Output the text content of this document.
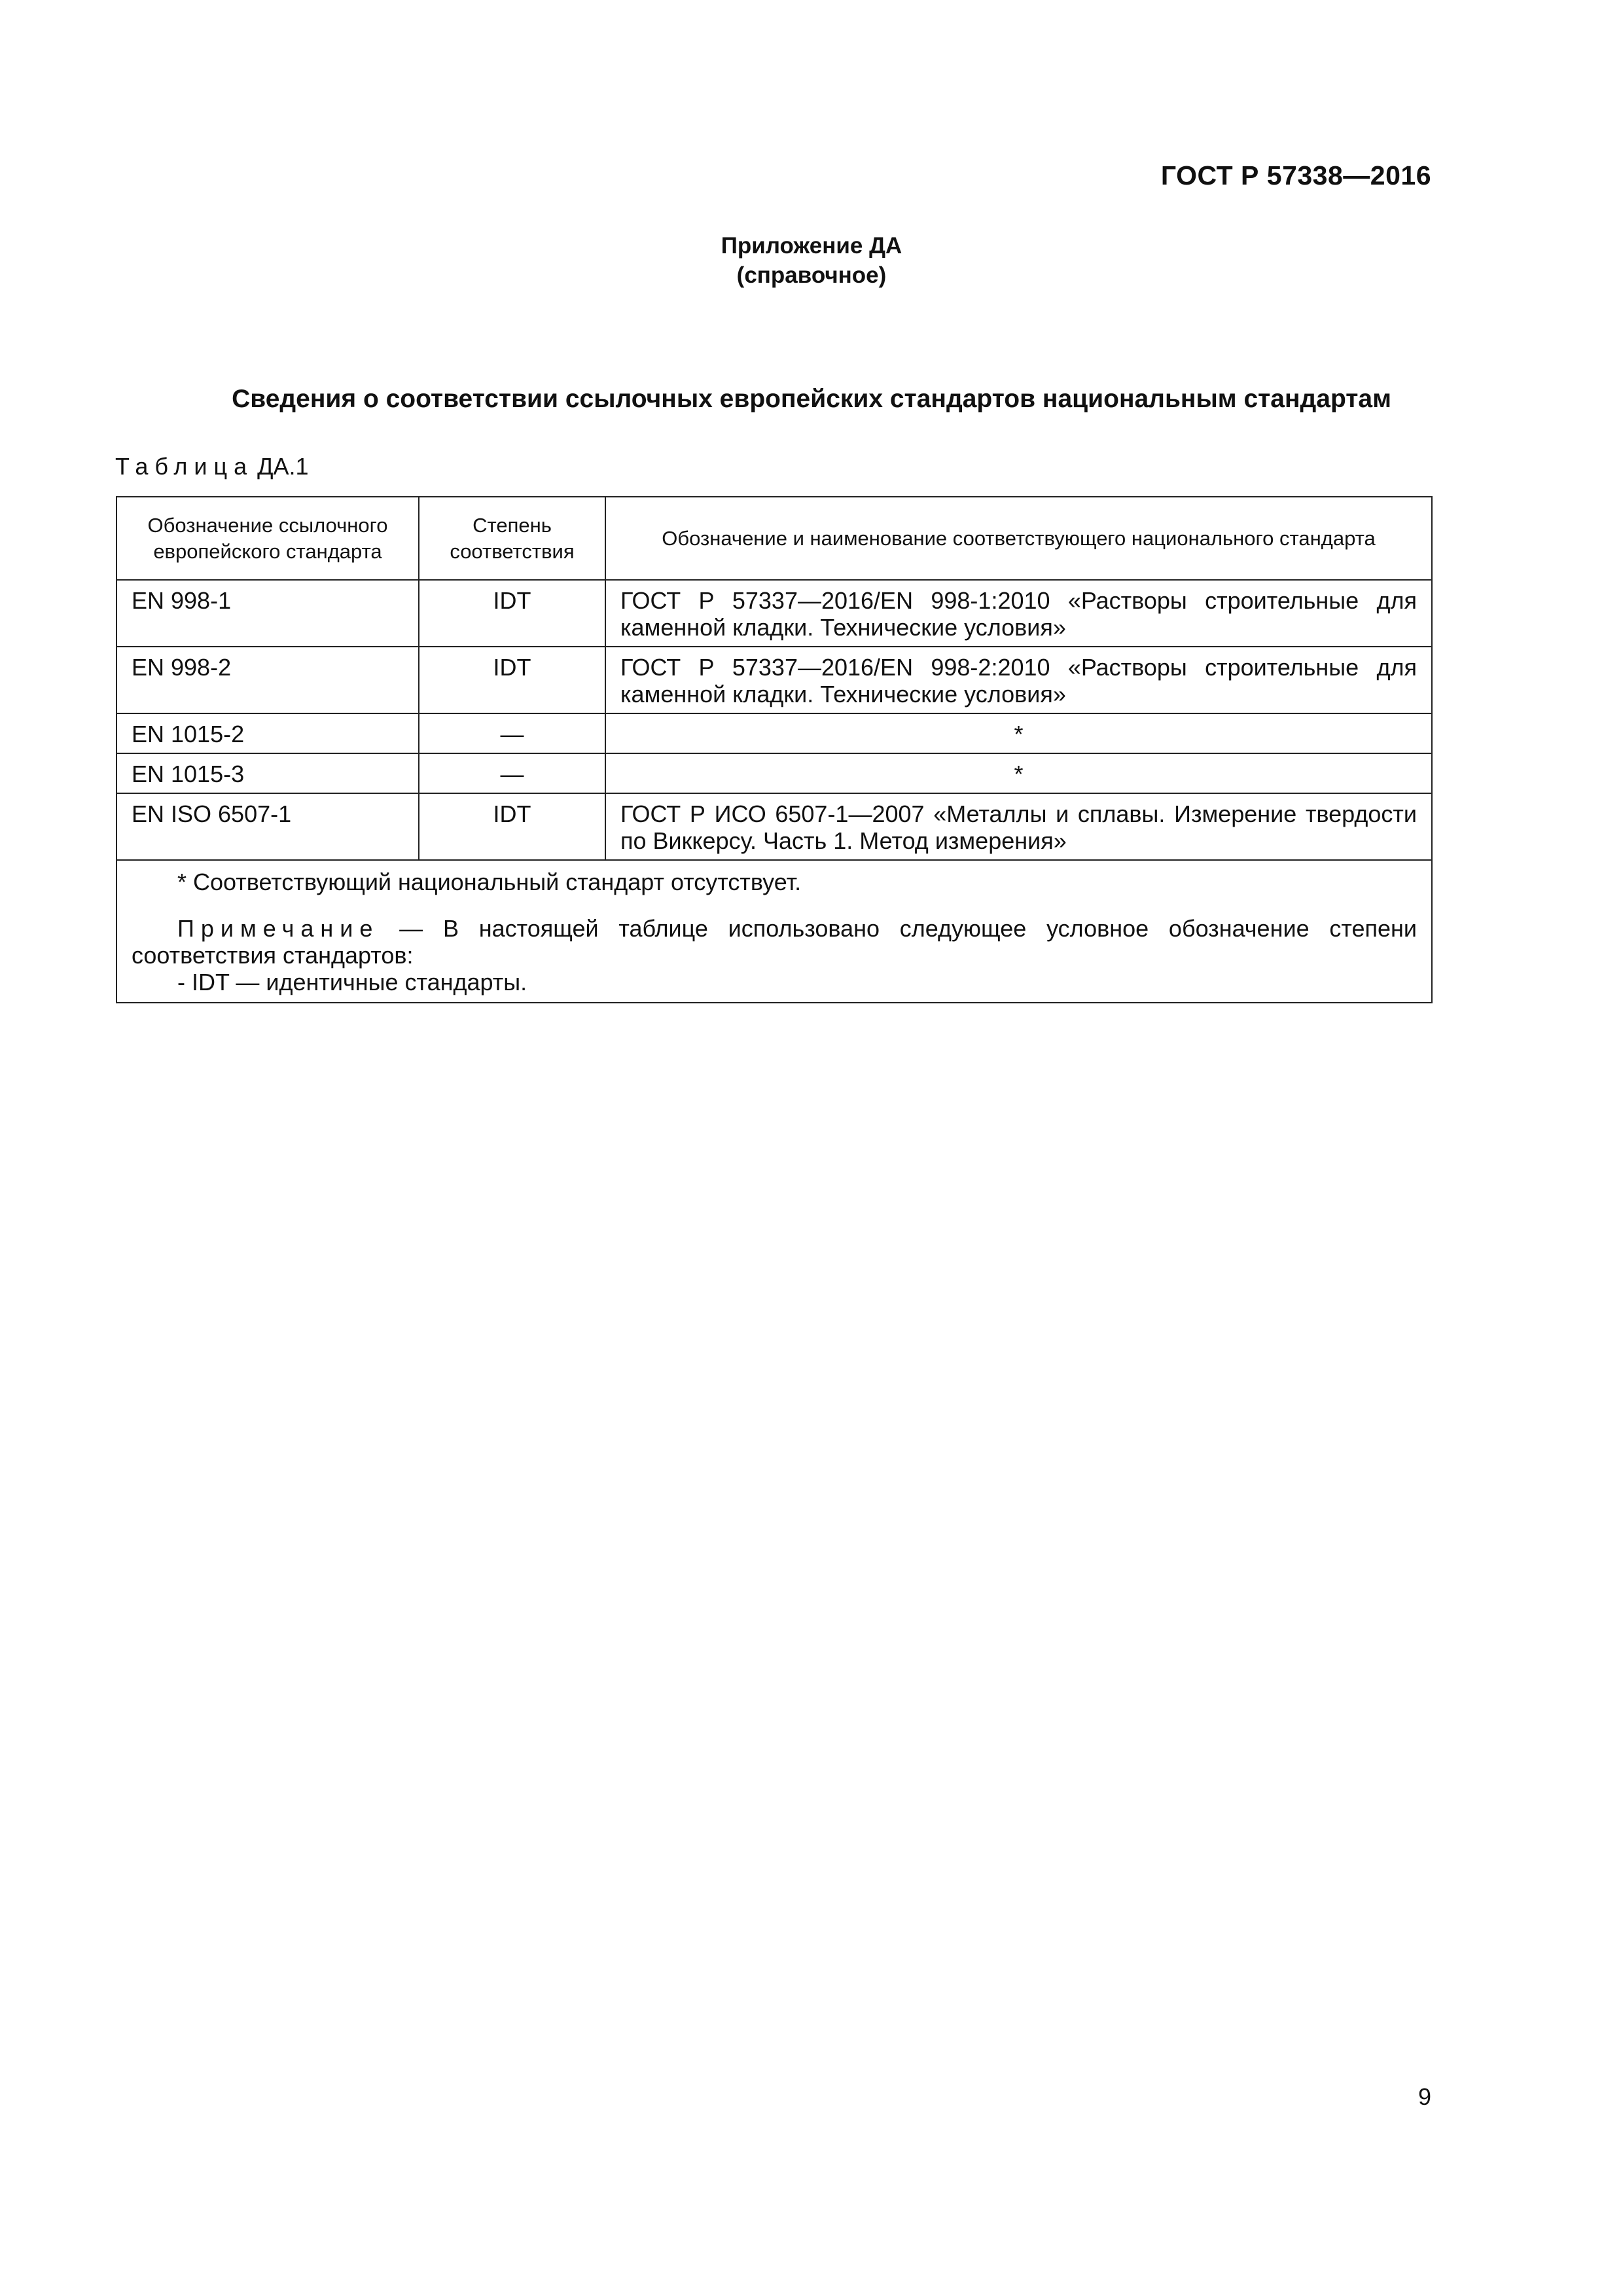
ГОСТ Р 57338—2016
Приложение ДА
(справочное)
Сведения о соответствии ссылочных европейских стандартов национальным стандартам
Таблица ДА.1
Обозначение ссылочного европейского стандарта	Степень соответствия	Обозначение и наименование соответствующего национального стандарта
EN 998-1	IDT	ГОСТ Р 57337—2016/EN 998-1:2010 «Растворы строительные для каменной кладки. Технические условия»
EN 998-2	IDT	ГОСТ Р 57337—2016/EN 998-2:2010 «Растворы строительные для каменной кладки. Технические условия»
EN 1015-2	—	*
EN 1015-3	—	*
EN ISO 6507-1	IDT	ГОСТ Р ИСО 6507-1—2007 «Металлы и сплавы. Измерение твердости по Виккерсу. Часть 1. Метод измерения»

* Соответствующий национальный стандарт отсутствует.
Примечание — В настоящей таблице использовано следующее условное обозначение степени соответствия стандартов:
- IDT — идентичные стандарты.		
9
